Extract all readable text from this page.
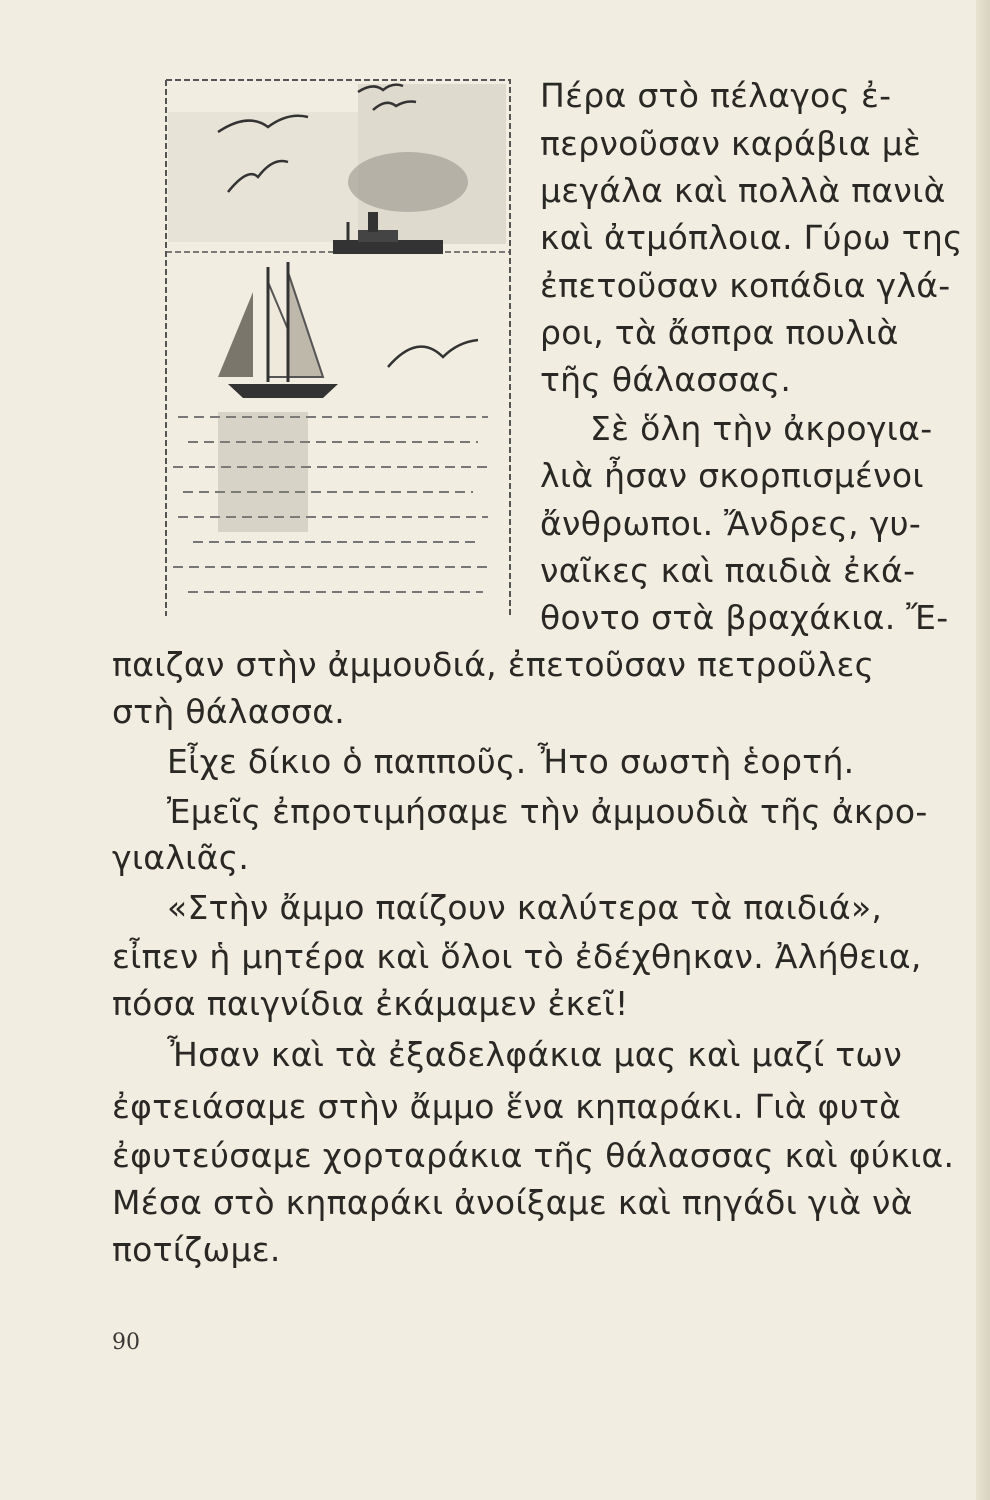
Πέρα στὸ πέλαγος ἐ-
περνοῦσαν καράβια μὲ
μεγάλα καὶ πολλὰ πανιὰ
καὶ ἀτμόπλοια. Γύρω της
ἐπετοῦσαν κοπάδια γλά-
ροι, τὰ ἄσπρα πουλιὰ
τῆς θάλασσας.
Σὲ ὅλη τὴν ἀκρογια-
λιὰ ἦσαν σκορπισμένοι
ἄνθρωποι. Ἄνδρες, γυ-
ναῖκες καὶ παιδιὰ ἐκά-
θοντο στὰ βραχάκια. Ἔ-
παιζαν στὴν ἀμμουδιά, ἐπετοῦσαν πετροῦλες
στὴ θάλασσα.
Εἶχε δίκιο ὁ παπποῦς. Ἦτο σωστὴ ἑορτή.
Ἐμεῖς ἐπροτιμήσαμε τὴν ἀμμουδιὰ τῆς ἀκρο-
γιαλιᾶς.
«Στὴν ἄμμο παίζουν καλύτερα τὰ παιδιά»,
εἶπεν ἡ μητέρα καὶ ὅλοι τὸ ἐδέχθηκαν. Ἀλήθεια,
πόσα παιγνίδια ἐκάμαμεν ἐκεῖ!
Ἦσαν καὶ τὰ ἐξαδελφάκια μας καὶ μαζί των
ἐφτειάσαμε στὴν ἄμμο ἕνα κηπαράκι. Γιὰ φυτὰ
ἐφυτεύσαμε χορταράκια τῆς θάλασσας καὶ φύκια.
Μέσα στὸ κηπαράκι ἀνοίξαμε καὶ πηγάδι γιὰ νὰ
ποτίζωμε.
90
